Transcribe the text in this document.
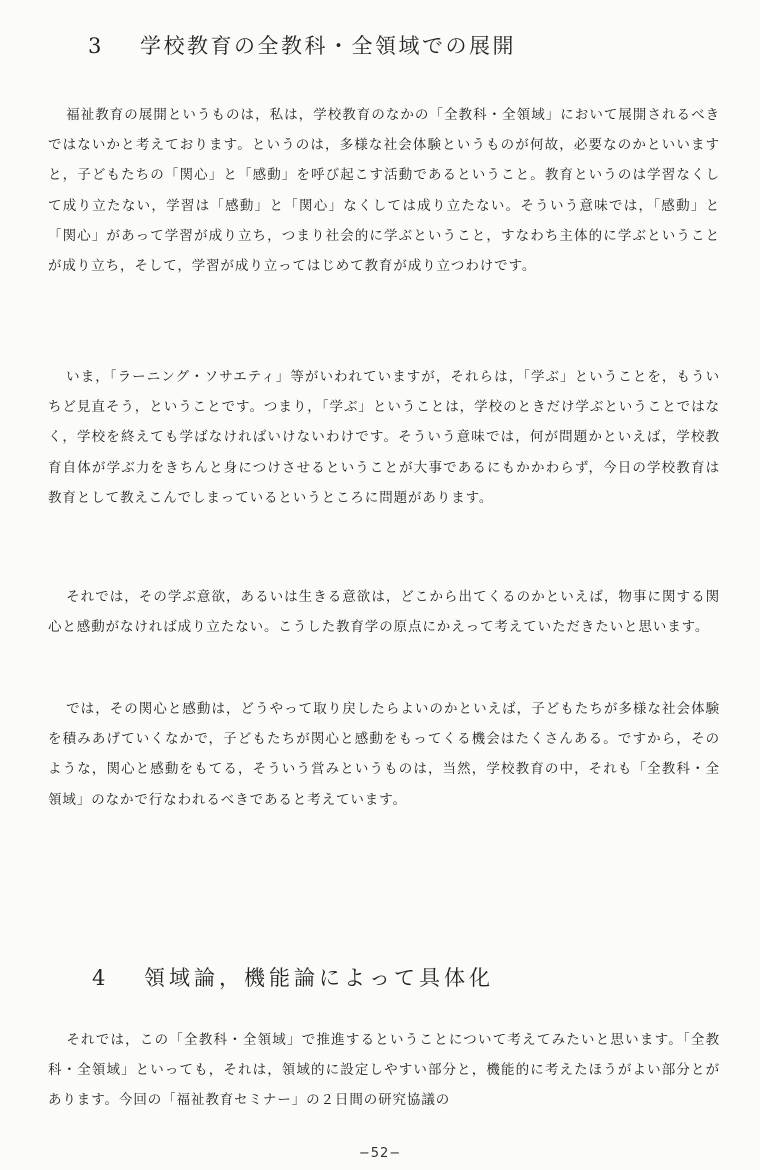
3 学校教育の全教科・全領域での展開

福祉教育の展開というものは，私は，学校教育のなかの「全教科・全領域」において展開されるべきではないかと考えております。というのは，多様な社会体験というものが何故，必要なのかといいますと，子どもたちの「関心」と「感動」を呼び起こす活動であるということ。教育というのは学習なくして成り立たない，学習は「感動」と「関心」なくしては成り立たない。そういう意味では，「感動」と「関心」があって学習が成り立ち，つまり社会的に学ぶということ，すなわち主体的に学ぶということが成り立ち，そして，学習が成り立ってはじめて教育が成り立つわけです。

いま，「ラーニング・ソサエティ」等がいわれていますが，それらは，「学ぶ」ということを，もういちど見直そう，ということです。つまり，「学ぶ」ということは，学校のときだけ学ぶということではなく，学校を終えても学ばなければいけないわけです。そういう意味では，何が問題かといえば，学校教育自体が学ぶ力をきちんと身につけさせるということが大事であるにもかかわらず，今日の学校教育は教育として教えこんでしまっているというところに問題があります。

それでは，その学ぶ意欲，あるいは生きる意欲は，どこから出てくるのかといえば，物事に関する関心と感動がなければ成り立たない。こうした教育学の原点にかえって考えていただきたいと思います。

では，その関心と感動は，どうやって取り戻したらよいのかといえば，子どもたちが多様な社会体験を積みあげていくなかで，子どもたちが関心と感動をもってくる機会はたくさんある。ですから，そのような，関心と感動をもてる，そういう営みというものは，当然，学校教育の中，それも「全教科・全領域」のなかで行なわれるべきであると考えています。

4 領域論，機能論によって具体化

それでは，この「全教科・全領域」で推進するということについて考えてみたいと思います。「全教科・全領域」といっても，それは，領域的に設定しやすい部分と，機能的に考えたほうがよい部分とがあります。今回の「福祉教育セミナー」の２日間の研究協議の

−52−
